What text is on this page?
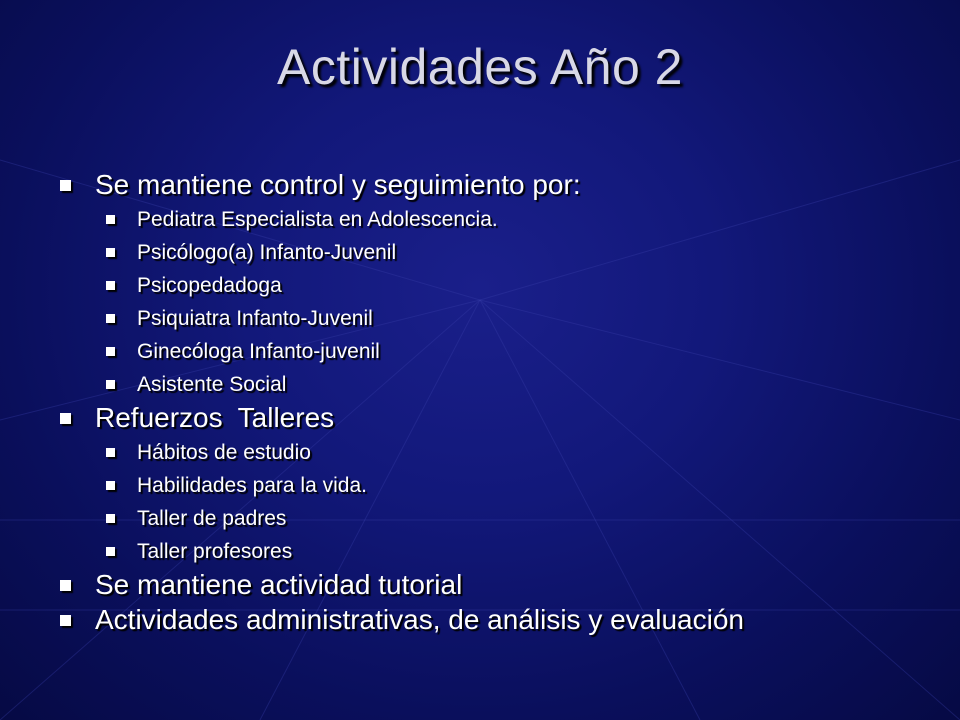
Actividades Año 2
Se mantiene control y seguimiento por:
Pediatra Especialista en Adolescencia.
Psicólogo(a) Infanto-Juvenil
Psicopedadoga
Psiquiatra Infanto-Juvenil
Ginecóloga Infanto-juvenil
Asistente Social
Refuerzos  Talleres
Hábitos de estudio
Habilidades para la vida.
Taller de padres
Taller profesores
Se mantiene actividad tutorial
Actividades administrativas, de análisis y evaluación
